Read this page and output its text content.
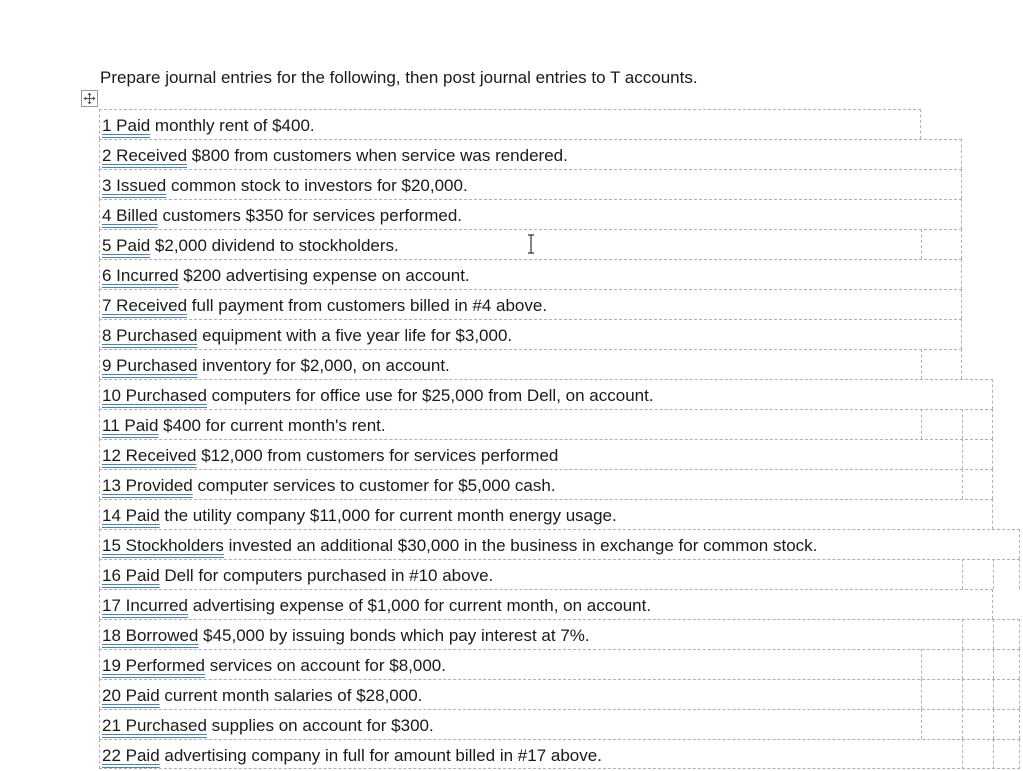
Prepare journal entries for the following, then post journal entries to T accounts.
1 Paid monthly rent of $400.
2 Received $800 from customers when service was rendered.
3 Issued common stock to investors for $20,000.
4 Billed customers $350 for services performed.
5 Paid $2,000 dividend to stockholders.
6 Incurred $200 advertising expense on account.
7 Received full payment from customers billed in #4 above.
8 Purchased equipment with a five year life for $3,000.
9 Purchased inventory for $2,000, on account.
10 Purchased computers for office use for $25,000 from Dell, on account.
11 Paid $400 for current month's rent.
12 Received $12,000 from customers for services performed
13 Provided computer services to customer for $5,000 cash.
14 Paid the utility company $11,000 for current month energy usage.
15 Stockholders invested an additional $30,000 in the business in exchange for common stock.
16 Paid Dell for computers purchased in #10 above.
17 Incurred advertising expense of $1,000 for current month, on account.
18 Borrowed $45,000 by issuing bonds which pay interest at 7%.
19 Performed services on account for $8,000.
20 Paid current month salaries of $28,000.
21 Purchased supplies on account for $300.
22 Paid advertising company in full for amount billed in #17 above.
